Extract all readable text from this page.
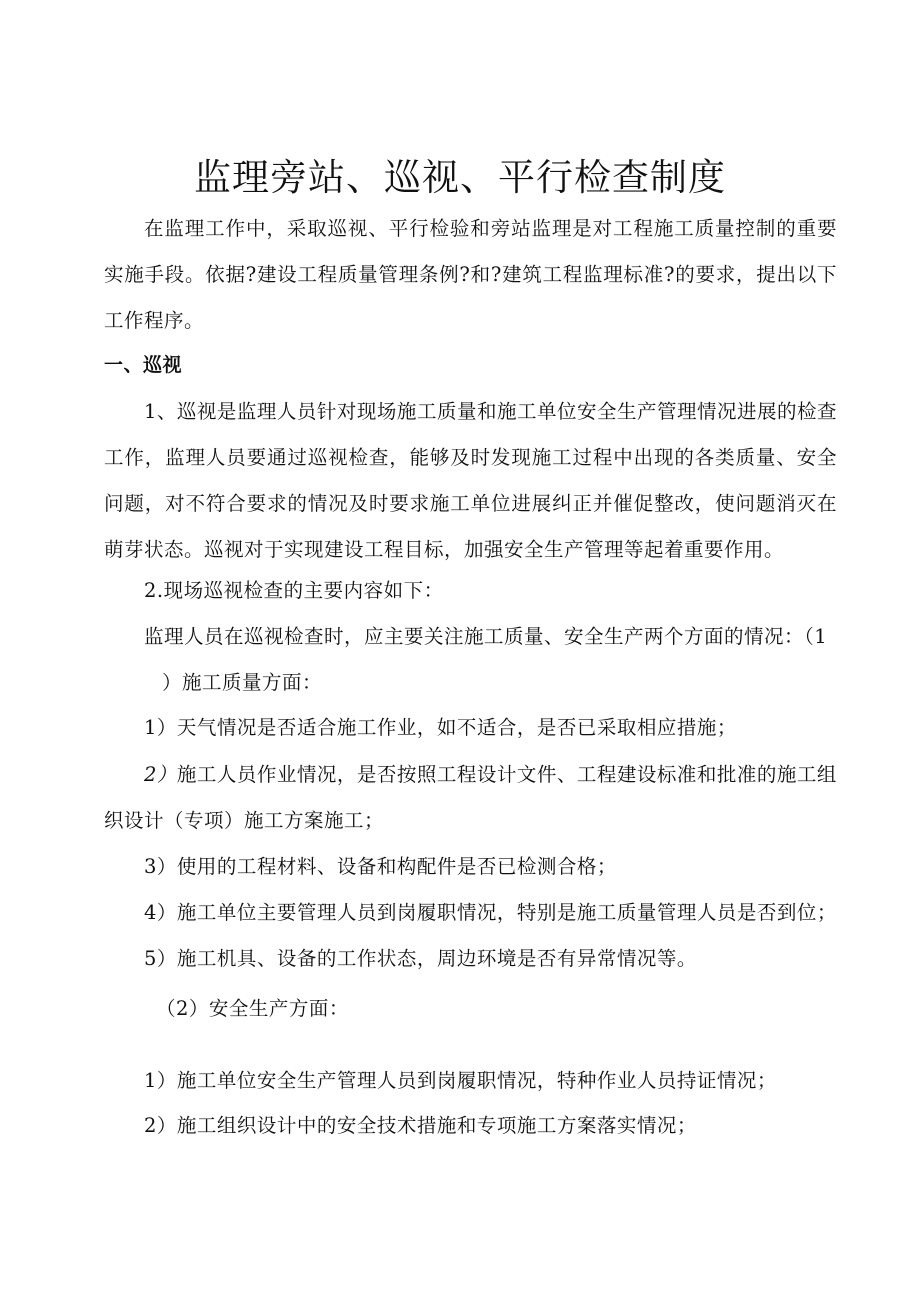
监理旁站、巡视、平行检查制度

在监理工作中，采取巡视、平行检验和旁站监理是对工程施工质量控制的重要实施手段。依据?建设工程质量管理条例?和?建筑工程监理标准?的要求，提出以下工作程序。

一、巡视

1、巡视是监理人员针对现场施工质量和施工单位安全生产管理情况进展的检查工作，监理人员要通过巡视检查，能够及时发现施工过程中出现的各类质量、安全问题，对不符合要求的情况及时要求施工单位进展纠正并催促整改，使问题消灭在萌芽状态。巡视对于实现建设工程目标，加强安全生产管理等起着重要作用。

2.现场巡视检查的主要内容如下：

监理人员在巡视检查时，应主要关注施工质量、安全生产两个方面的情况：（1

）施工质量方面：

1）天气情况是否适合施工作业，如不适合，是否已采取相应措施；

2）施工人员作业情况，是否按照工程设计文件、工程建设标准和批准的施工组

织设计（专项）施工方案施工；

3）使用的工程材料、设备和构配件是否已检测合格；

4）施工单位主要管理人员到岗履职情况，特别是施工质量管理人员是否到位；

5）施工机具、设备的工作状态，周边环境是否有异常情况等。

（2）安全生产方面：

1）施工单位安全生产管理人员到岗履职情况，特种作业人员持证情况；

2）施工组织设计中的安全技术措施和专项施工方案落实情况；
